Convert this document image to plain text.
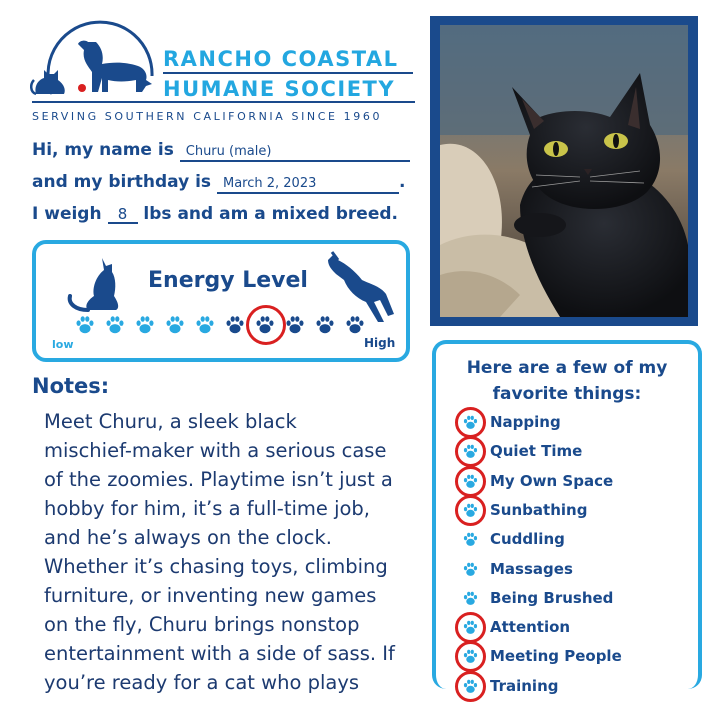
RANCHO COASTAL
HUMANE SOCIETY
SERVING SOUTHERN CALIFORNIA SINCE 1960
Hi, my name is Churu (male)
and my birthday is March 2, 2023	.
I weigh 8 lbs and am a mixed breed.
Energy Level
low	High
Notes:
Meet Churu, a sleek black
mischief-maker with a serious case
of the zoomies. Playtime isn’t just a
hobby for him, it’s a full-time job,
and he’s always on the clock.
Whether it’s chasing toys, climbing
furniture, or inventing new games
on the fly, Churu brings nonstop
entertainment with a side of sass. If
you’re ready for a cat who plays
Here are a few of my
favorite things:
Napping
Quiet Time
My Own Space
Sunbathing
Cuddling
Massages
Being Brushed
Attention
Meeting People
Training
